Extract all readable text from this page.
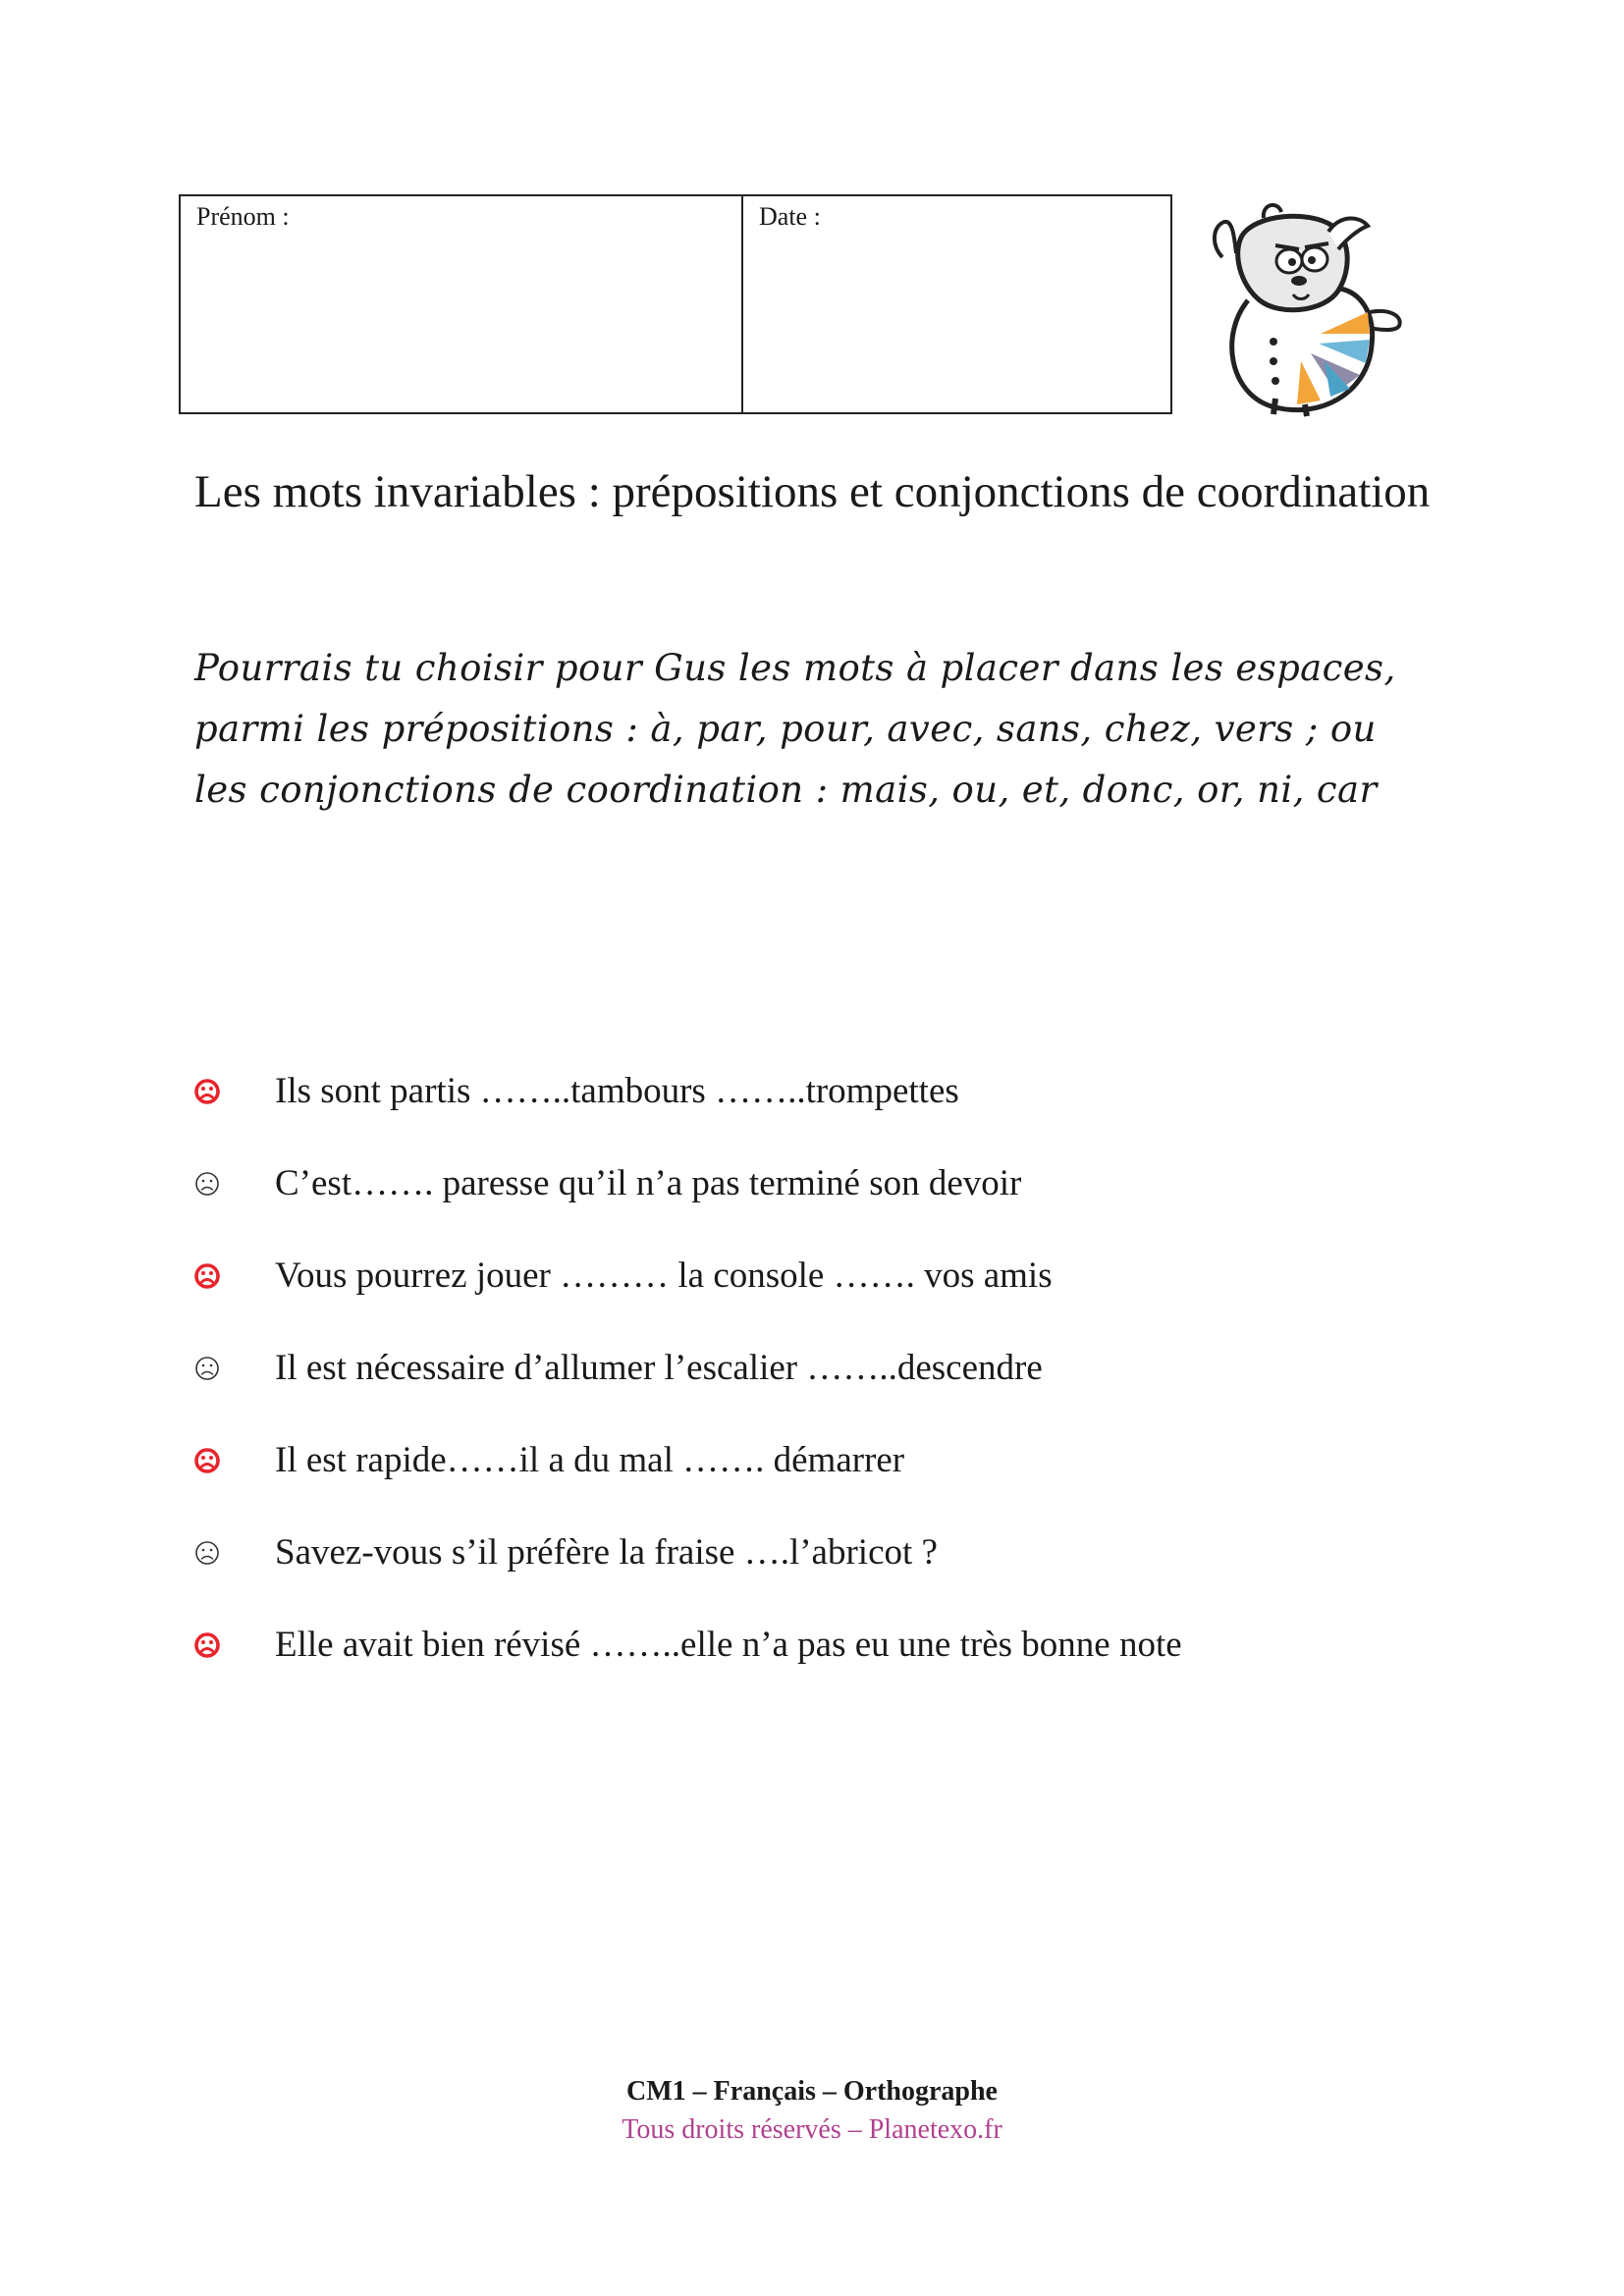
Prénom :	Date :
Les mots invariables : prépositions et conjonctions de coordination

Pourrais tu choisir pour Gus les mots à placer dans les espaces, parmi les prépositions : à, par, pour, avec, sans, chez, vers ; ou les conjonctions de coordination : mais, ou, et, donc, or, ni, car

Ils sont partis ……..tambours ……..trompettes
C’est……. paresse qu’il n’a pas terminé son devoir
Vous pourrez jouer ……… la console ……. vos amis
Il est nécessaire d’allumer l’escalier ……..descendre
Il est rapide……il a du mal ……. démarrer
Savez-vous s’il préfère la fraise ….l’abricot ?
Elle avait bien révisé ……..elle n’a pas eu une très bonne note
CM1 – Français – Orthographe
Tous droits réservés – Planetexo.fr
